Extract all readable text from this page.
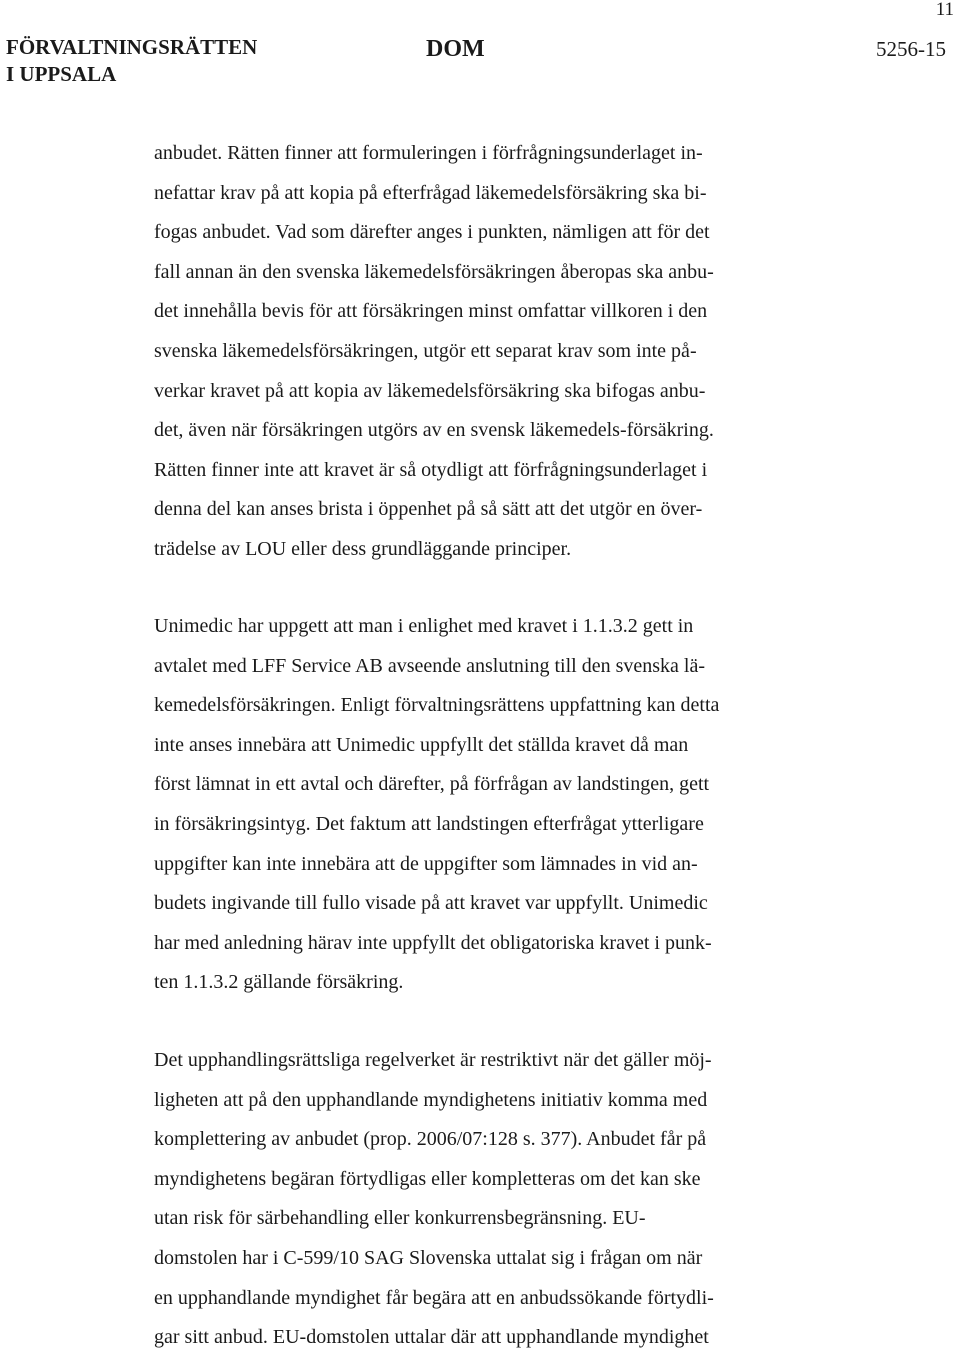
11
FÖRVALTNINGSRÄTTEN
I UPPSALA
DOM	5256-15
anbudet. Rätten finner att formuleringen i förfrågningsunderlaget in-
nefattar krav på att kopia på efterfrågad läkemedelsförsäkring ska bi-
fogas anbudet. Vad som därefter anges i punkten, nämligen att för det
fall annan än den svenska läkemedelsförsäkringen åberopas ska anbu-
det innehålla bevis för att försäkringen minst omfattar villkoren i den
svenska läkemedelsförsäkringen, utgör ett separat krav som inte på-
verkar kravet på att kopia av läkemedelsförsäkring ska bifogas anbu-
det, även när försäkringen utgörs av en svensk läkemedels-försäkring.
Rätten finner inte att kravet är så otydligt att förfrågningsunderlaget i
denna del kan anses brista i öppenhet på så sätt att det utgör en över-
trädelse av LOU eller dess grundläggande principer.
Unimedic har uppgett att man i enlighet med kravet i 1.1.3.2 gett in
avtalet med LFF Service AB avseende anslutning till den svenska lä-
kemedelsförsäkringen. Enligt förvaltningsrättens uppfattning kan detta
inte anses innebära att Unimedic uppfyllt det ställda kravet då man
först lämnat in ett avtal och därefter, på förfrågan av landstingen, gett
in försäkringsintyg. Det faktum att landstingen efterfrågat ytterligare
uppgifter kan inte innebära att de uppgifter som lämnades in vid an-
budets ingivande till fullo visade på att kravet var uppfyllt. Unimedic
har med anledning härav inte uppfyllt det obligatoriska kravet i punk-
ten 1.1.3.2 gällande försäkring.
Det upphandlingsrättsliga regelverket är restriktivt när det gäller möj-
ligheten att på den upphandlande myndighetens initiativ komma med
komplettering av anbudet (prop. 2006/07:128 s. 377). Anbudet får på
myndighetens begäran förtydligas eller kompletteras om det kan ske
utan risk för särbehandling eller konkurrensbegränsning. EU-
domstolen har i C-599/10 SAG Slovenska uttalat sig i frågan om när
en upphandlande myndighet får begära att en anbudssökande förtydli-
gar sitt anbud. EU-domstolen uttalar där att upphandlande myndighet
